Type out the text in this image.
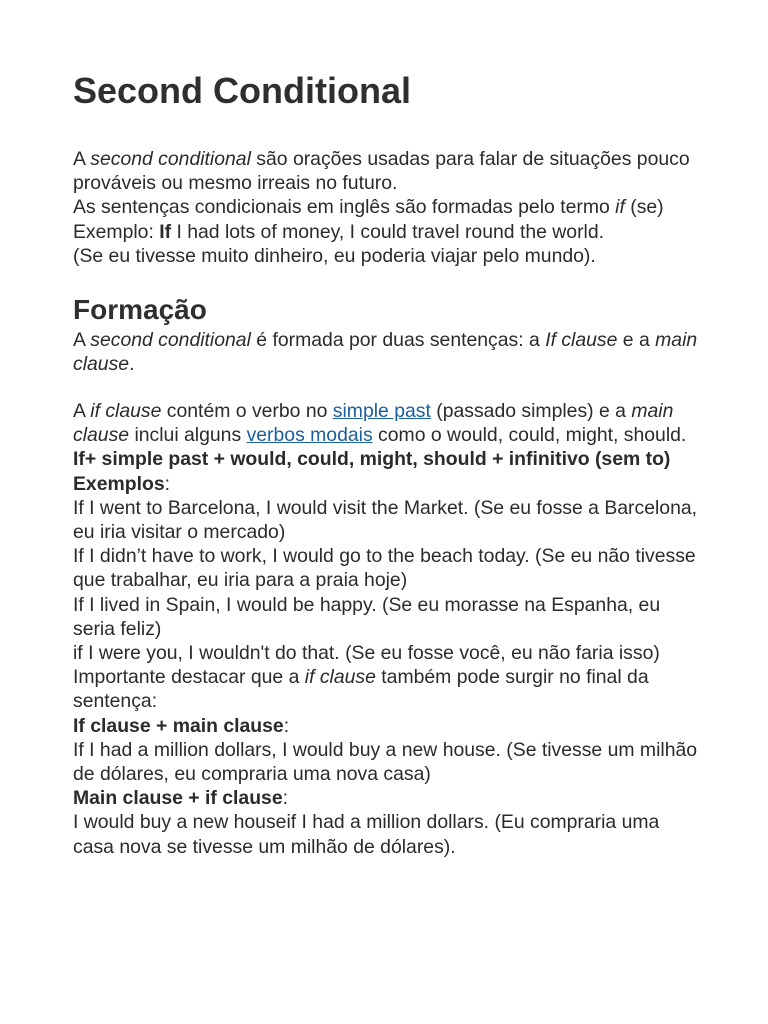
Second Conditional

A second conditional são orações usadas para falar de situações pouco prováveis ou mesmo irreais no futuro.

As sentenças condicionais em inglês são formadas pelo termo if (se)

Exemplo: If I had lots of money, I could travel round the world.

(Se eu tivesse muito dinheiro, eu poderia viajar pelo mundo).

Formação

A second conditional é formada por duas sentenças: a If clause e a main clause.

A if clause contém o verbo no simple past (passado simples) e a main clause inclui alguns verbos modais como o would, could, might, should.

If+ simple past + would, could, might, should + infinitivo (sem to)

Exemplos:

If I went to Barcelona, I would visit the Market. (Se eu fosse a Barcelona, eu iria visitar o mercado)

If I didn’t have to work, I would go to the beach today. (Se eu não tivesse que trabalhar, eu iria para a praia hoje)

If I lived in Spain, I would be happy. (Se eu morasse na Espanha, eu seria feliz)

if I were you, I wouldn't do that. (Se eu fosse você, eu não faria isso)

Importante destacar que a if clause também pode surgir no final da sentença:

If clause + main clause:

If I had a million dollars, I would buy a new house. (Se tivesse um milhão de dólares, eu compraria uma nova casa)

Main clause + if clause:

I would buy a new houseif I had a million dollars. (Eu compraria uma casa nova se tivesse um milhão de dólares).
